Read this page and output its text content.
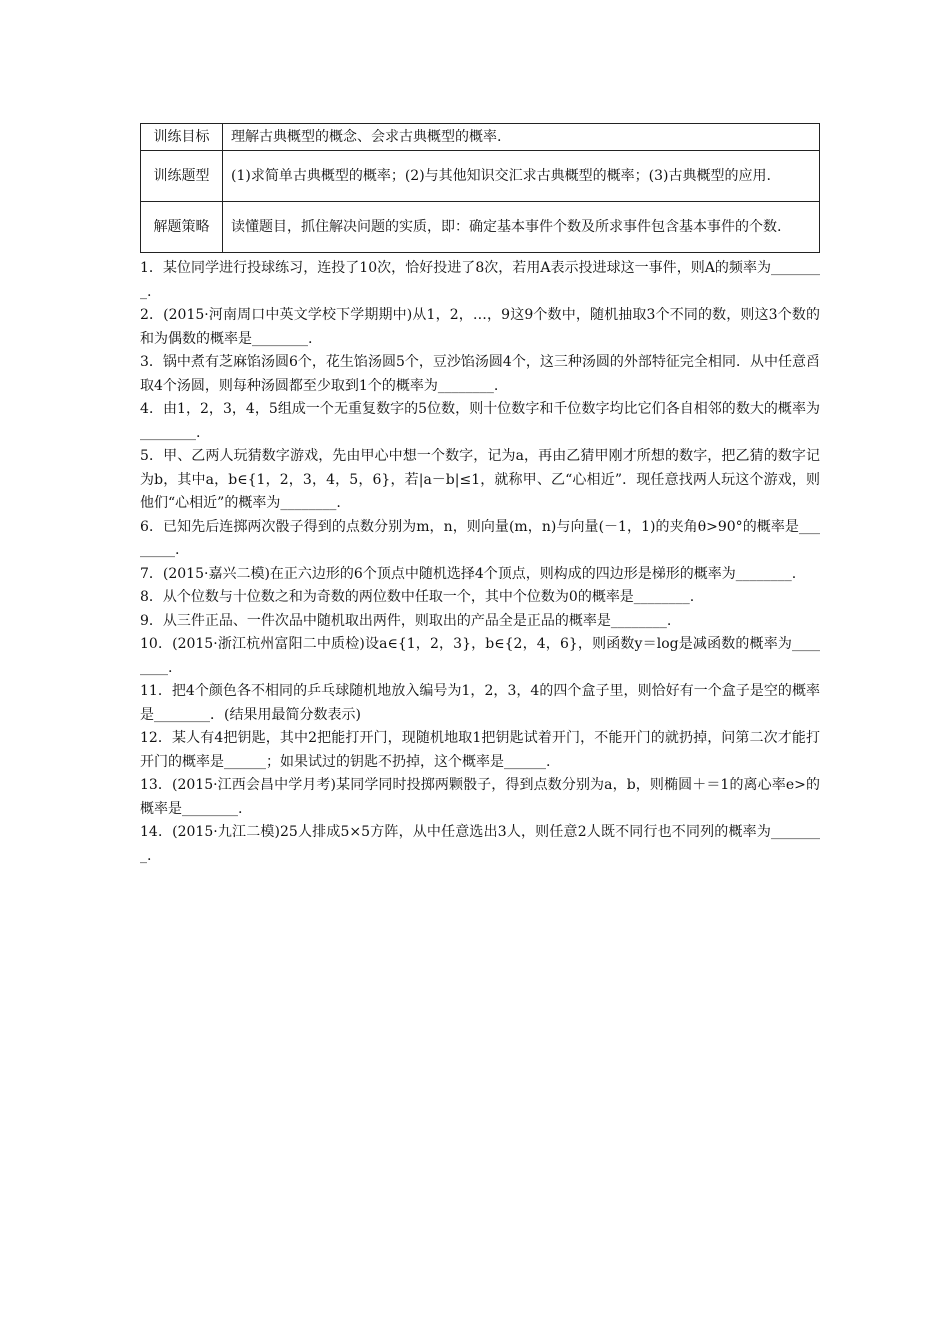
训练目标	理解古典概型的概念、会求古典概型的概率.
训练题型	(1)求简单古典概型的概率；(2)与其他知识交汇求古典概型的概率；(3)古典概型的应用.
解题策略	读懂题目，抓住解决问题的实质，即：确定基本事件个数及所求事件包含基本事件的个数.

1．某位同学进行投球练习，连投了10次，恰好投进了8次，若用A表示投进球这一事件，则A的频率为________.

2．(2015·河南周口中英文学校下学期期中)从1，2，…，9这9个数中，随机抽取3个不同的数，则这3个数的和为偶数的概率是________.

3．锅中煮有芝麻馅汤圆6个，花生馅汤圆5个，豆沙馅汤圆4个，这三种汤圆的外部特征完全相同．从中任意舀取4个汤圆，则每种汤圆都至少取到1个的概率为________.

4．由1，2，3，4，5组成一个无重复数字的5位数，则十位数字和千位数字均比它们各自相邻的数大的概率为________.

5．甲、乙两人玩猜数字游戏，先由甲心中想一个数字，记为a，再由乙猜甲刚才所想的数字，把乙猜的数字记为b，其中a，b∈{1，2，3，4，5，6}，若|a－b|≤1，就称甲、乙“心相近”．现任意找两人玩这个游戏，则他们“心相近”的概率为________.

6．已知先后连掷两次骰子得到的点数分别为m，n，则向量(m，n)与向量(－1，1)的夹角θ>90°的概率是________.

7．(2015·嘉兴二模)在正六边形的6个顶点中随机选择4个顶点，则构成的四边形是梯形的概率为________.

8．从个位数与十位数之和为奇数的两位数中任取一个，其中个位数为0的概率是________.

9．从三件正品、一件次品中随机取出两件，则取出的产品全是正品的概率是________.

10．(2015·浙江杭州富阳二中质检)设a∈{1，2，3}，b∈{2，4，6}，则函数y＝log是减函数的概率为________.

11．把4个颜色各不相同的乒乓球随机地放入编号为1，2，3，4的四个盒子里，则恰好有一个盒子是空的概率是________．(结果用最简分数表示)

12．某人有4把钥匙，其中2把能打开门，现随机地取1把钥匙试着开门，不能开门的就扔掉，问第二次才能打开门的概率是______；如果试过的钥匙不扔掉，这个概率是______.

13．(2015·江西会昌中学月考)某同学同时投掷两颗骰子，得到点数分别为a，b，则椭圆＋＝1的离心率e>的概率是________.

14．(2015·九江二模)25人排成5×5方阵，从中任意选出3人，则任意2人既不同行也不同列的概率为________.
